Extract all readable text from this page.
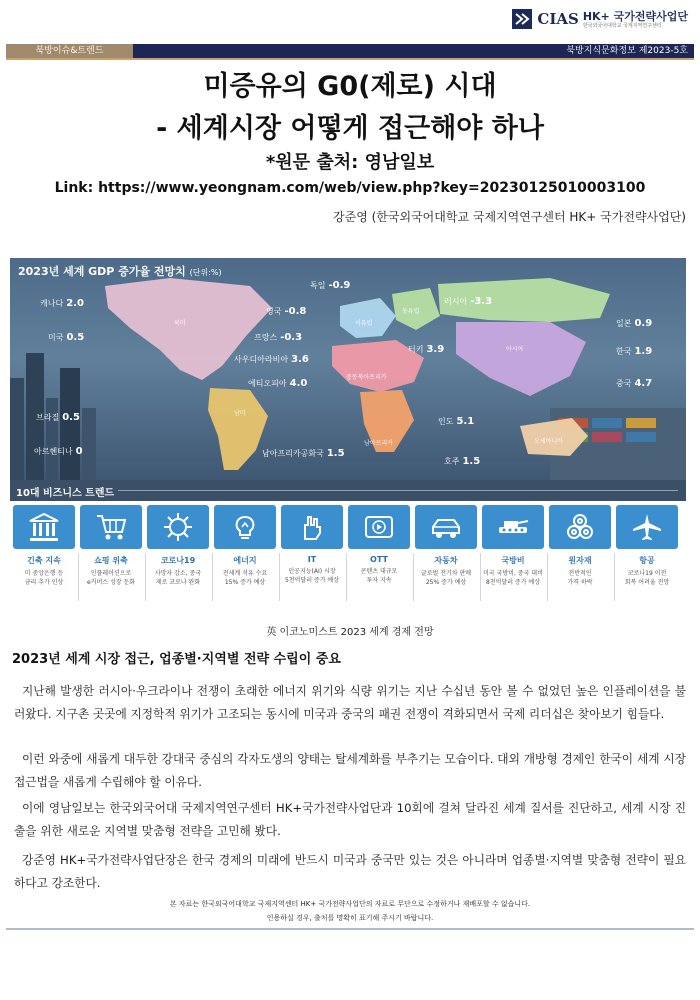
CIAS HK+ 국가전략사업단
한국외국어대학교 국제지역연구센터
북방이슈&트렌드	북방지식문화정보 제2023-5호
미증유의 G0(제로) 시대
- 세계시장 어떻게 접근해야 하나
*원문 출처: 영남일보
Link: https://www.yeongnam.com/web/view.php?key=20230125010003100
강준영 (한국외국어대학교 국제지역연구센터 HK+ 국가전략사업단)
2023년 세계 GDP 증가율 전망치 (단위:%)
캐나다 2.0
미국 0.5
브라질 0.5
아르헨티나 0
독일 -0.9
영국 -0.8
프랑스 -0.3
사우디아라비아 3.6
에티오피아 4.0
러시아 -3.3
터키 3.9
일본 0.9
한국 1.9
중국 4.7
인도 5.1
호주 1.5
남아프리카공화국 1.5
북미	서유럽
동유럽
아시아
중동북아프리카
남아프리카	오세아니아
남미
10대 비즈니스 트렌드
긴축 지속
미 중앙은행 등
금리 추가 인상
쇼핑 위축
인플레이션으로
e커머스 성장 둔화
코로나19
사망자 감소, 중국
제로 코로나 완화
에너지
전세계 석유 수요
15% 증가 예상
IT
인공지능(AI) 시장
5천억달러 증가 예상
OTT
콘텐츠 대규모
투자 지속
자동차
글로벌 전기차 판매
25% 증가 예상
국방비
미국 국방비, 중국 대비
8천억달러 증가 예상
원자재
전반적인
가격 하락
항공
코로나19 이전
회복 어려울 전망
英 이코노미스트 2023 세계 경제 전망
2023년 세계 시장 접근, 업종별·지역별 전략 수립이 중요
지난해 발생한 러시아·우크라이나 전쟁이 초래한 에너지 위기와 식량 위기는 지난 수십년 동안 볼 수 없었던 높은 인플레이션을 불러왔다. 지구촌 곳곳에 지정학적 위기가 고조되는 동시에 미국과 중국의 패권 전쟁이 격화되면서 국제 리더십은 찾아보기 힘들다.
이런 와중에 새롭게 대두한 강대국 중심의 각자도생의 양태는 탈세계화를 부추기는 모습이다. 대외 개방형 경제인 한국이 세계 시장 접근법을 새롭게 수립해야 할 이유다.
이에 영남일보는 한국외국어대 국제지역연구센터 HK+국가전략사업단과 10회에 걸쳐 달라진 세계 질서를 진단하고, 세계 시장 진출을 위한 새로운 지역별 맞춤형 전략을 고민해 봤다.
강준영 HK+국가전략사업단장은 한국 경제의 미래에 반드시 미국과 중국만 있는 것은 아니라며 업종별·지역별 맞춤형 전략이 필요하다고 강조한다.
본 자료는 한국외국어대학교 국제지역센터 HK+ 국가전략사업단의 자료로 무단으로 수정하거나 재배포할 수 없습니다.
인용하실 경우, 출처를 명확히 표기해 주시기 바랍니다.
